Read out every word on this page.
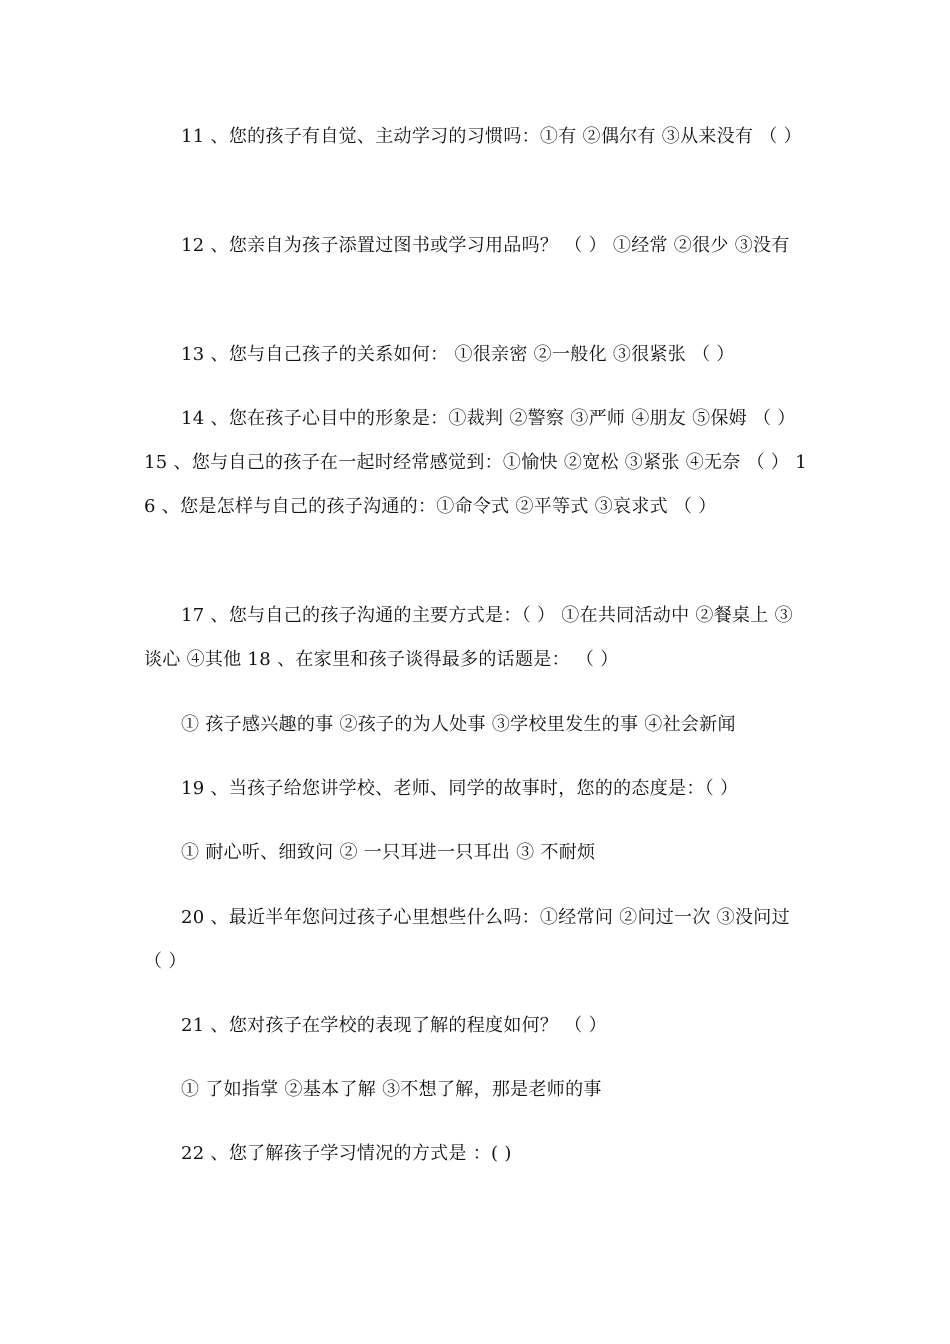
11 、您的孩子有自觉、主动学习的习惯吗：①有 ②偶尔有 ③从来没有 （ ）

12 、您亲自为孩子添置过图书或学习用品吗？ （ ） ①经常 ②很少 ③没有

13 、您与自己孩子的关系如何： ①很亲密 ②一般化 ③很紧张 （ ）

14 、您在孩子心目中的形象是：①裁判 ②警察 ③严师 ④朋友 ⑤保姆 （ ） 15 、您与自己的孩子在一起时经常感觉到：①愉快 ②宽松 ③紧张 ④无奈 （ ） 16 、您是怎样与自己的孩子沟通的：①命令式 ②平等式 ③哀求式 （ ）

17 、您与自己的孩子沟通的主要方式是：（ ） ①在共同活动中 ②餐桌上 ③谈心 ④其他 18 、在家里和孩子谈得最多的话题是： （ ）

① 孩子感兴趣的事 ②孩子的为人处事 ③学校里发生的事 ④社会新闻

19 、当孩子给您讲学校、老师、同学的故事时，您的的态度是：（ ）

① 耐心听、细致问 ② 一只耳进一只耳出 ③ 不耐烦

20 、最近半年您问过孩子心里想些什么吗：①经常问 ②问过一次 ③没问过 （ ）

21 、您对孩子在学校的表现了解的程度如何？ （ ）

① 了如指掌 ②基本了解 ③不想了解，那是老师的事

22 、您了解孩子学习情况的方式是 ：( )
